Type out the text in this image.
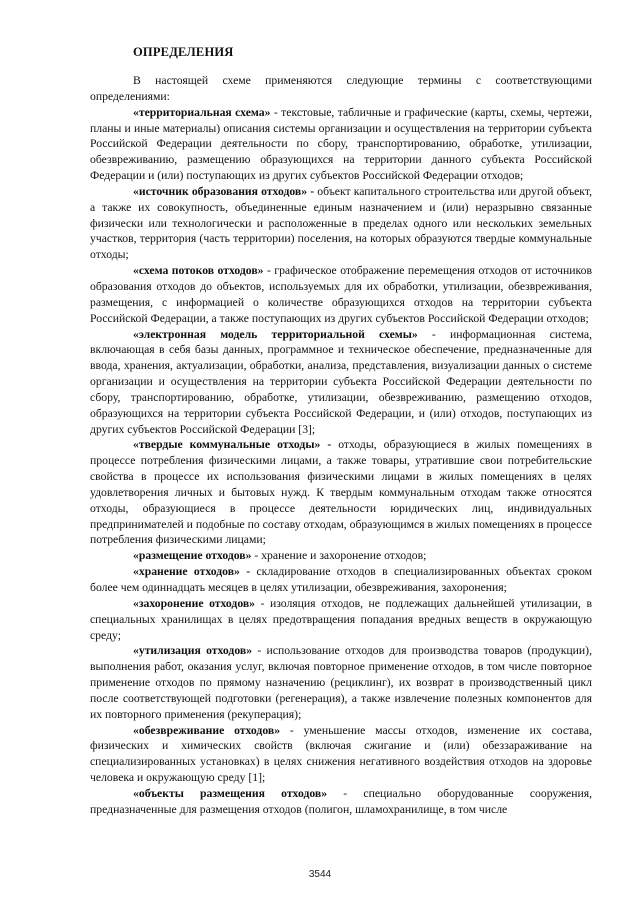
ОПРЕДЕЛЕНИЯ

В настоящей схеме применяются следующие термины с соответствующими определениями:

«территориальная схема» - текстовые, табличные и графические (карты, схемы, чертежи, планы и иные материалы) описания системы организации и осуществления на территории субъекта Российской Федерации деятельности по сбору, транспортированию, обработке, утилизации, обезвреживанию, размещению образующихся на территории данного субъекта Российской Федерации и (или) поступающих из других субъектов Российской Федерации отходов;

«источник образования отходов» - объект капитального строительства или другой объект, а также их совокупность, объединенные единым назначением и (или) неразрывно связанные физически или технологически и расположенные в пределах одного или нескольких земельных участков, территория (часть территории) поселения, на которых образуются твердые коммунальные отходы;

«схема потоков отходов» - графическое отображение перемещения отходов от источников образования отходов до объектов, используемых для их обработки, утилизации, обезвреживания, размещения, с информацией о количестве образующихся отходов на территории субъекта Российской Федерации, а также поступающих из других субъектов Российской Федерации отходов;

«электронная модель территориальной схемы» - информационная система, включающая в себя базы данных, программное и техническое обеспечение, предназначенные для ввода, хранения, актуализации, обработки, анализа, представления, визуализации данных о системе организации и осуществления на территории субъекта Российской Федерации деятельности по сбору, транспортированию, обработке, утилизации, обезвреживанию, размещению отходов, образующихся на территории субъекта Российской Федерации, и (или) отходов, поступающих из других субъектов Российской Федерации [3];

«твердые коммунальные отходы» - отходы, образующиеся в жилых помещениях в процессе потребления физическими лицами, а также товары, утратившие свои потребительские свойства в процессе их использования физическими лицами в жилых помещениях в целях удовлетворения личных и бытовых нужд. К твердым коммунальным отходам также относятся отходы, образующиеся в процессе деятельности юридических лиц, индивидуальных предпринимателей и подобные по составу отходам, образующимся в жилых помещениях в процессе потребления физическими лицами;

«размещение отходов» - хранение и захоронение отходов;

«хранение отходов» - складирование отходов в специализированных объектах сроком более чем одиннадцать месяцев в целях утилизации, обезвреживания, захоронения;

«захоронение отходов» - изоляция отходов, не подлежащих дальнейшей утилизации, в специальных хранилищах в целях предотвращения попадания вредных веществ в окружающую среду;

«утилизация отходов» - использование отходов для производства товаров (продукции), выполнения работ, оказания услуг, включая повторное применение отходов, в том числе повторное применение отходов по прямому назначению (рециклинг), их возврат в производственный цикл после соответствующей подготовки (регенерация), а также извлечение полезных компонентов для их повторного применения (рекуперация);

«обезвреживание отходов» - уменьшение массы отходов, изменение их состава, физических и химических свойств (включая сжигание и (или) обеззараживание на специализированных установках) в целях снижения негативного воздействия отходов на здоровье человека и окружающую среду [1];

«объекты размещения отходов» - специально оборудованные сооружения, предназначенные для размещения отходов (полигон, шламохранилище, в том числе

3544
